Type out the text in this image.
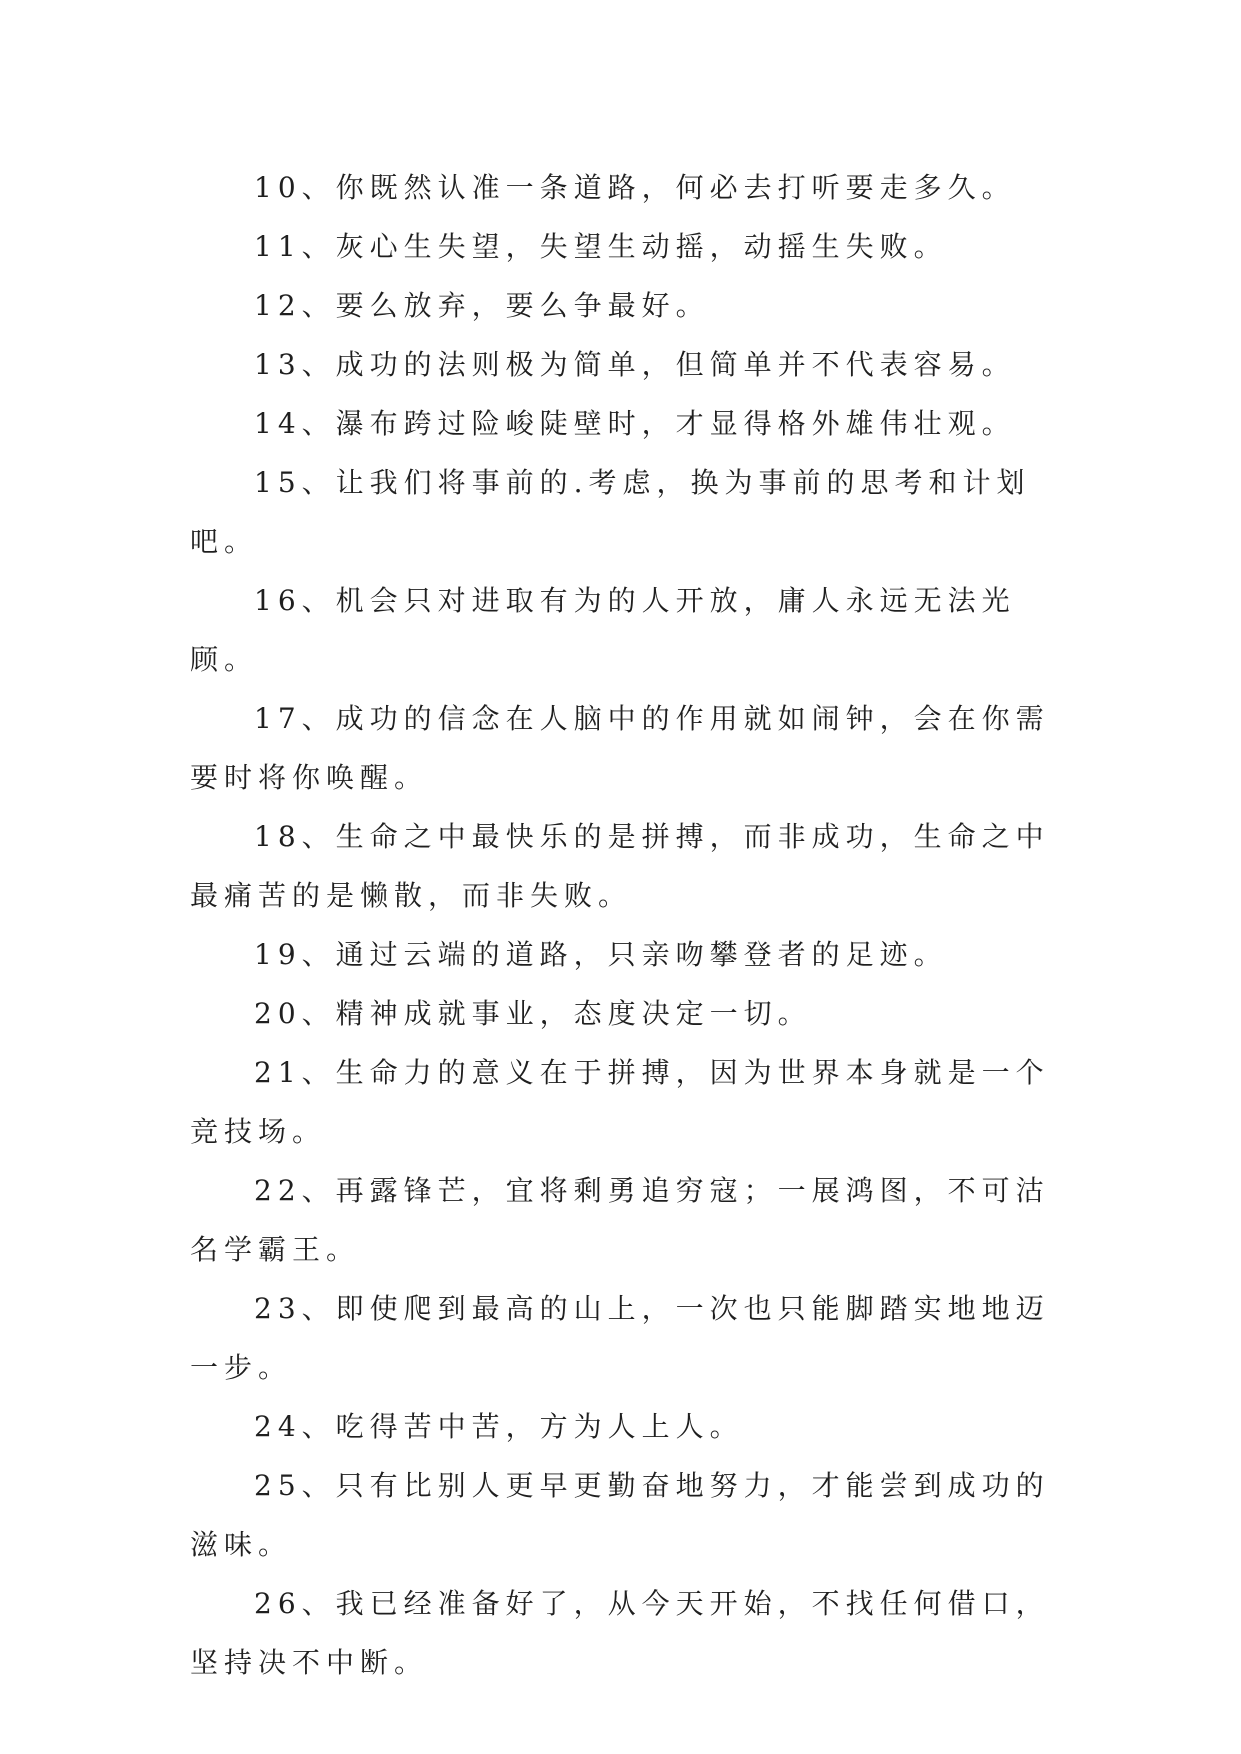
10、你既然认准一条道路，何必去打听要走多久。

11、灰心生失望，失望生动摇，动摇生失败。

12、要么放弃，要么争最好。

13、成功的法则极为简单，但简单并不代表容易。

14、瀑布跨过险峻陡壁时，才显得格外雄伟壮观。

15、让我们将事前的.考虑，换为事前的思考和计划吧。

16、机会只对进取有为的人开放，庸人永远无法光顾。

17、成功的信念在人脑中的作用就如闹钟，会在你需要时将你唤醒。

18、生命之中最快乐的是拼搏，而非成功，生命之中最痛苦的是懒散，而非失败。

19、通过云端的道路，只亲吻攀登者的足迹。

20、精神成就事业，态度决定一切。

21、生命力的意义在于拼搏，因为世界本身就是一个竞技场。

22、再露锋芒，宜将剩勇追穷寇；一展鸿图，不可沽名学霸王。

23、即使爬到最高的山上，一次也只能脚踏实地地迈一步。

24、吃得苦中苦，方为人上人。

25、只有比别人更早更勤奋地努力，才能尝到成功的滋味。

26、我已经准备好了，从今天开始，不找任何借口，坚持决不中断。
